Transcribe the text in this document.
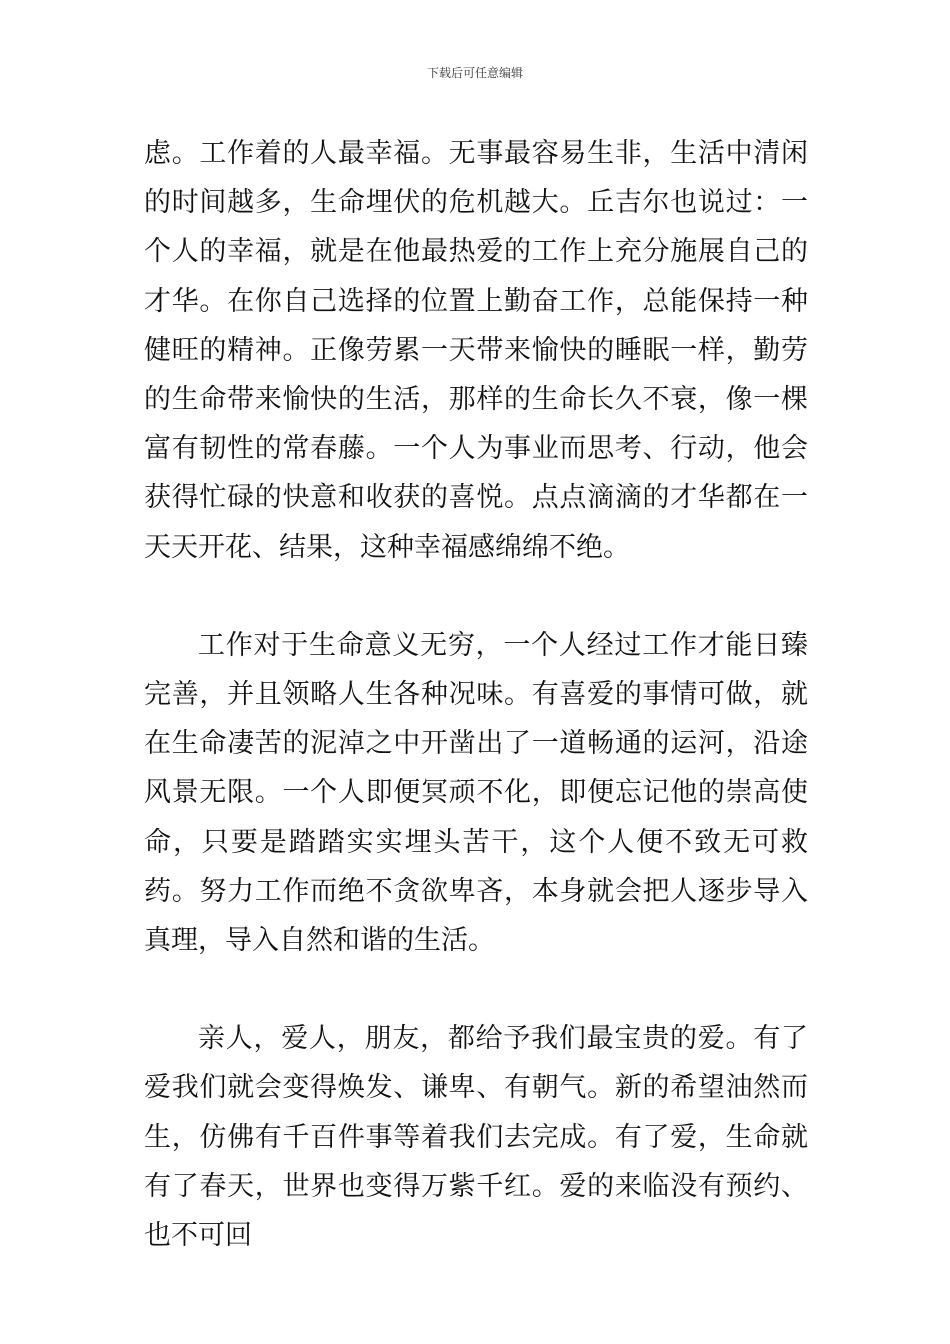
下载后可任意编辑

虑。工作着的人最幸福。无事最容易生非，生活中清闲的时间越多，生命埋伏的危机越大。丘吉尔也说过：一个人的幸福，就是在他最热爱的工作上充分施展自己的才华。在你自己选择的位置上勤奋工作，总能保持一种健旺的精神。正像劳累一天带来愉快的睡眠一样，勤劳的生命带来愉快的生活，那样的生命长久不衰，像一棵富有韧性的常春藤。一个人为事业而思考、行动，他会获得忙碌的快意和收获的喜悦。点点滴滴的才华都在一天天开花、结果，这种幸福感绵绵不绝。

工作对于生命意义无穷，一个人经过工作才能日臻完善，并且领略人生各种况味。有喜爱的事情可做，就在生命凄苦的泥淖之中开凿出了一道畅通的运河，沿途风景无限。一个人即便冥顽不化，即便忘记他的崇高使命，只要是踏踏实实埋头苦干，这个人便不致无可救药。努力工作而绝不贪欲卑吝，本身就会把人逐步导入真理，导入自然和谐的生活。

亲人，爱人，朋友，都给予我们最宝贵的爱。有了爱我们就会变得焕发、谦卑、有朝气。新的希望油然而生，仿佛有千百件事等着我们去完成。有了爱，生命就有了春天，世界也变得万紫千红。爱的来临没有预约、也不可回
